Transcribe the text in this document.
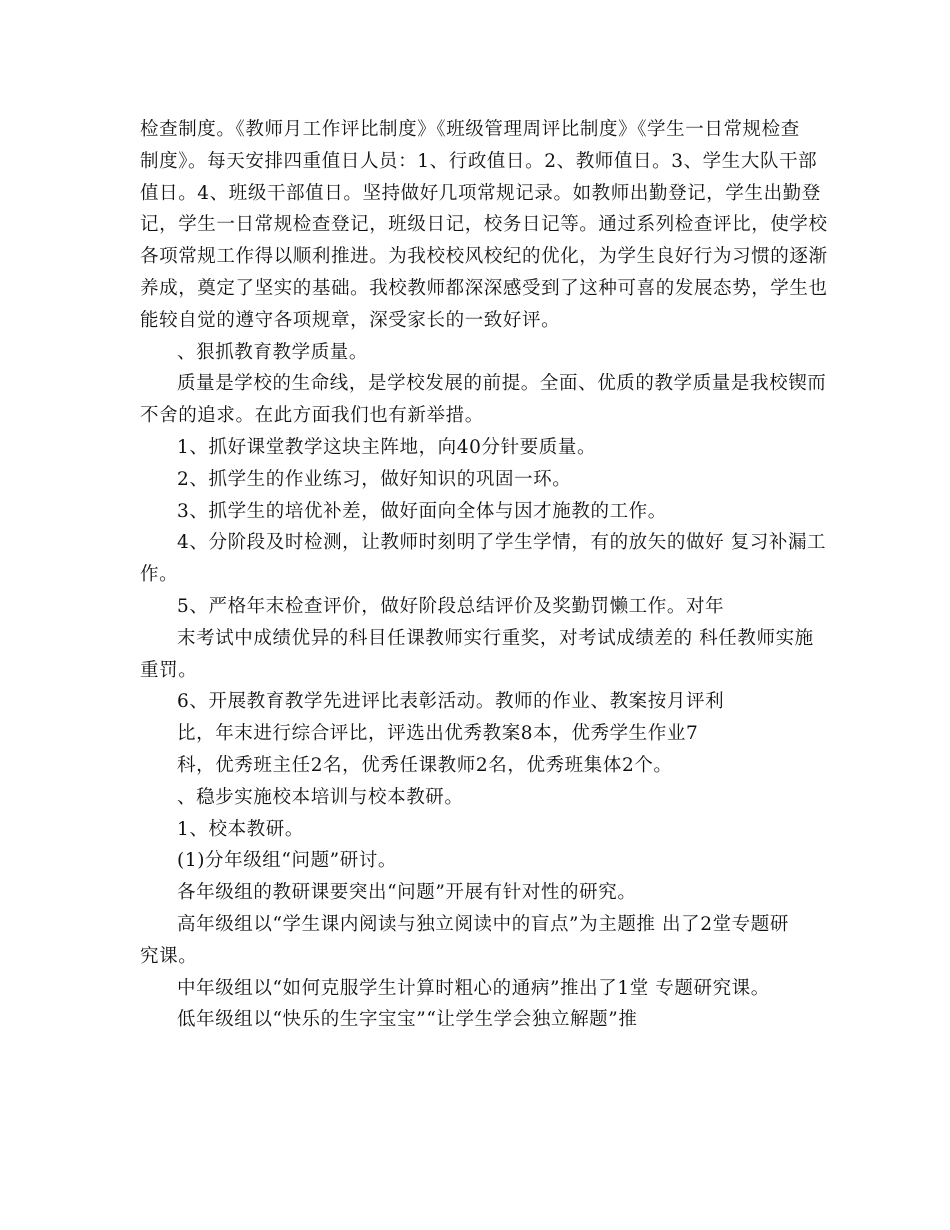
检查制度。《教师月工作评比制度》《班级管理周评比制度》《学生一日常规检查
制度》。每天安排四重值日人员：1、行政值日。2、教师值日。3、学生大队干部
值日。4、班级干部值日。坚持做好几项常规记录。如教师出勤登记，学生出勤登
记，学生一日常规检查登记，班级日记，校务日记等。通过系列检查评比，使学校
各项常规工作得以顺利推进。为我校校风校纪的优化，为学生良好行为习惯的逐渐
养成，奠定了坚实的基础。我校教师都深深感受到了这种可喜的发展态势，学生也
能较自觉的遵守各项规章，深受家长的一致好评。
、狠抓教育教学质量。
质量是学校的生命线，是学校发展的前提。全面、优质的教学质量是我校锲而
不舍的追求。在此方面我们也有新举措。
1、抓好课堂教学这块主阵地，向40分针要质量。
2、抓学生的作业练习，做好知识的巩固一环。
3、抓学生的培优补差，做好面向全体与因才施教的工作。
4、分阶段及时检测，让教师时刻明了学生学情，有的放矢的做好 复习补漏工
作。
5、严格年末检查评价，做好阶段总结评价及奖勤罚懒工作。对年
末考试中成绩优异的科目任课教师实行重奖，对考试成绩差的 科任教师实施
重罚。
6、开展教育教学先进评比表彰活动。教师的作业、教案按月评利
比，年末进行综合评比，评选出优秀教案8本，优秀学生作业7
科，优秀班主任2名，优秀任课教师2名，优秀班集体2个。
、稳步实施校本培训与校本教研。
1、校本教研。
(1)分年级组“问题”研讨。
各年级组的教研课要突出“问题”开展有针对性的研究。
高年级组以“学生课内阅读与独立阅读中的盲点”为主题推 出了2堂专题研
究课。
中年级组以“如何克服学生计算时粗心的通病”推出了1堂 专题研究课。
低年级组以“快乐的生字宝宝”“让学生学会独立解题”推
